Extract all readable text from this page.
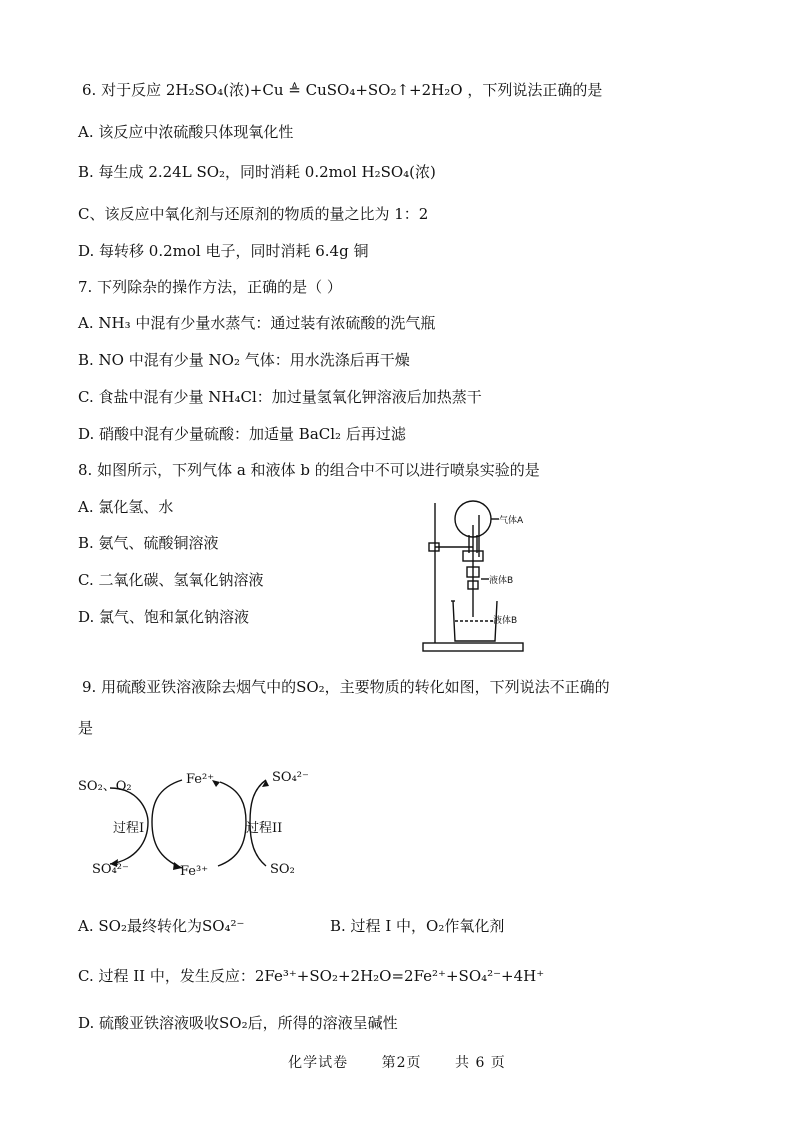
6. 对于反应 2H₂SO₄(浓)+Cu ≜ CuSO₄+SO₂↑+2H₂O ，下列说法正确的是
A. 该反应中浓硫酸只体现氧化性
B. 每生成 2.24L SO₂，同时消耗 0.2mol H₂SO₄(浓)
C、该反应中氧化剂与还原剂的物质的量之比为 1：2
D. 每转移 0.2mol 电子，同时消耗 6.4g 铜
7. 下列除杂的操作方法，正确的是（ ）
A. NH₃ 中混有少量水蒸气：通过装有浓硫酸的洗气瓶
B. NO 中混有少量 NO₂ 气体：用水洗涤后再干燥
C. 食盐中混有少量 NH₄Cl：加过量氢氧化钾溶液后加热蒸干
D. 硝酸中混有少量硫酸：加适量 BaCl₂ 后再过滤
8. 如图所示，下列气体 a 和液体 b 的组合中不可以进行喷泉实验的是
A. 氯化氢、水
B. 氨气、硫酸铜溶液
C. 二氧化碳、氢氧化钠溶液
D. 氯气、饱和氯化钠溶液
气体A
液体B
液体B
9. 用硫酸亚铁溶液除去烟气中的SO₂，主要物质的转化如图，下列说法不正确的
是
SO₂、O₂
SO₄²⁻
Fe²⁺
Fe³⁺
SO₄²⁻
SO₂
过程I	过程II
A. SO₂最终转化为SO₄²⁻	B. 过程 I 中，O₂作氧化剂
C. 过程 II 中，发生反应：2Fe³⁺+SO₂+2H₂O=2Fe²⁺+SO₄²⁻+4H⁺
D. 硫酸亚铁溶液吸收SO₂后，所得的溶液呈碱性
化学试卷 第2页 共 6 页
